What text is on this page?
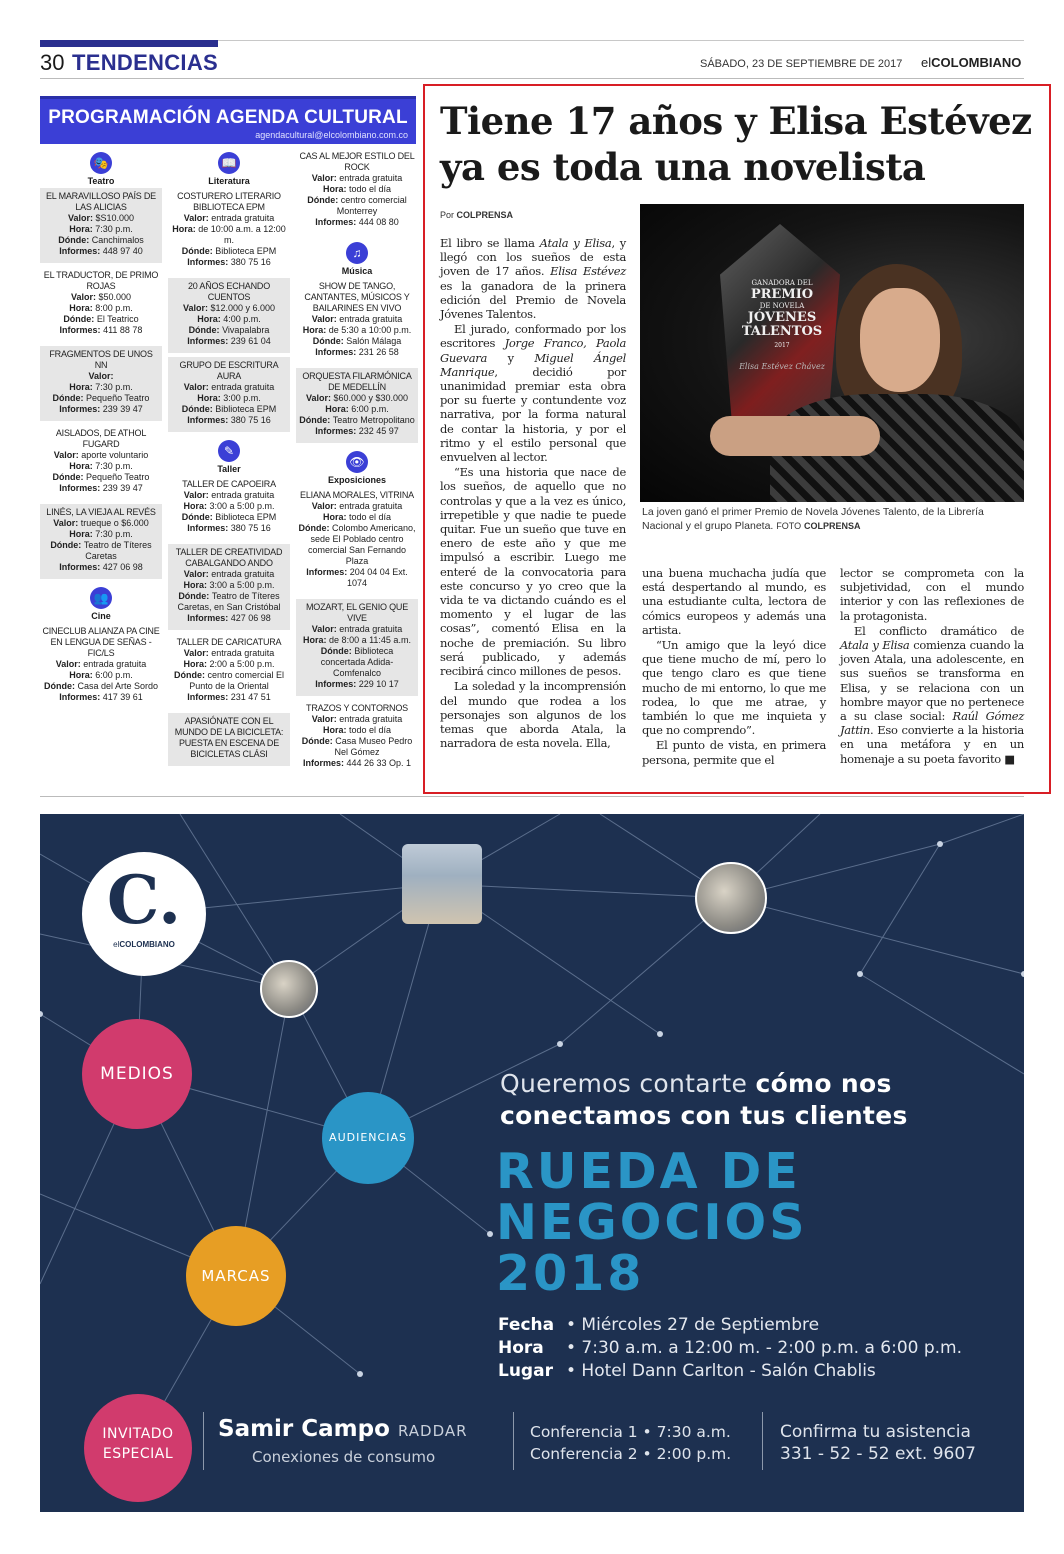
30 TENDENCIAS	SÁBADO, 23 DE SEPTIEMBRE DE 2017 elCOLOMBIANO
PROGRAMACIÓN AGENDA CULTURAL
agendacultural@elcolombiano.com.co
🎭
Teatro
EL MARAVILLOSO PAÍS DE LAS ALICIAS
Valor: $S10.000
Hora: 7:30 p.m.
Dónde: Canchimalos
Informes: 448 97 40
EL TRADUCTOR, DE PRIMO ROJAS
Valor: $50.000
Hora: 8:00 p.m.
Dónde: El Teatrico
Informes: 411 88 78
FRAGMENTOS DE UNOS NN
Valor:
Hora: 7:30 p.m.
Dónde: Pequeño Teatro
Informes: 239 39 47
AISLADOS, DE ATHOL FUGARD
Valor: aporte voluntario
Hora: 7:30 p.m.
Dónde: Pequeño Teatro
Informes: 239 39 47
LINÉS, LA VIEJA AL REVÉS
Valor: trueque o $6.000
Hora: 7:30 p.m.
Dónde: Teatro de Títeres Caretas
Informes: 427 06 98
👥
Cine
CINECLUB ALIANZA PA CINE EN LENGUA DE SEÑAS -FIC/LS
Valor: entrada gratuita
Hora: 6:00 p.m.
Dónde: Casa del Arte Sordo
Informes: 417 39 61
📖
Literatura
COSTURERO LITERARIO BIBLIOTECA EPM
Valor: entrada gratuita
Hora: de 10:00 a.m. a 12:00 m.
Dónde: Biblioteca EPM
Informes: 380 75 16
20 AÑOS ECHANDO CUENTOS
Valor: $12.000 y 6.000
Hora: 4:00 p.m.
Dónde: Vivapalabra
Informes: 239 61 04
GRUPO DE ESCRITURA AURA
Valor: entrada gratuita
Hora: 3:00 p.m.
Dónde: Biblioteca EPM
Informes: 380 75 16
✎
Taller
TALLER DE CAPOEIRA
Valor: entrada gratuita
Hora: 3:00 a 5:00 p.m.
Dónde: Biblioteca EPM
Informes: 380 75 16
TALLER DE CREATIVIDAD CABALGANDO ANDO
Valor: entrada gratuita
Hora: 3:00 a 5:00 p.m.
Dónde: Teatro de Títeres Caretas, en San Cristóbal
Informes: 427 06 98
TALLER DE CARICATURA
Valor: entrada gratuita
Hora: 2:00 a 5:00 p.m.
Dónde: centro comercial El Punto de la Oriental
Informes: 231 47 51
APASIÓNATE CON EL MUNDO DE LA BICICLETA: PUESTA EN ESCENA DE BICICLETAS CLÁSI
CAS AL MEJOR ESTILO DEL ROCK
Valor: entrada gratuita
Hora: todo el día
Dónde: centro comercial Monterrey
Informes: 444 08 80
♫
Música
SHOW DE TANGO, CANTANTES, MÚSICOS Y BAILARINES EN VIVO
Valor: entrada gratuita
Hora: de 5:30 a 10:00 p.m.
Dónde: Salón Málaga
Informes: 231 26 58
ORQUESTA FILARMÓNICA DE MEDELLÍN
Valor: $60.000 y $30.000
Hora: 6:00 p.m.
Dónde: Teatro Metropolitano
Informes: 232 45 97
👁
Exposiciones
ELIANA MORALES, VITRINA
Valor: entrada gratuita
Hora: todo el día
Dónde: Colombo Americano, sede El Poblado centro comercial San Fernando Plaza
Informes: 204 04 04 Ext. 1074
MOZART, EL GENIO QUE VIVE
Valor: entrada gratuita
Hora: de 8:00 a 11:45 a.m.
Dónde: Biblioteca concertada Adida-Comfenalco
Informes: 229 10 17
TRAZOS Y CONTORNOS
Valor: entrada gratuita
Hora: todo el día
Dónde: Casa Museo Pedro Nel Gómez
Informes: 444 26 33 Op. 1
Tiene 17 años y Elisa Estévez ya es toda una novelista
Por COLPRENSA

El libro se llama Atala y Elisa, y llegó con los sueños de esta joven de 17 años. Elisa Estévez es la ganadora de la prinera edición del Premio de Novela Jóvenes Talentos.

El jurado, conformado por los escritores Jorge Franco, Paola Guevara y Miguel Ángel Manrique, decidió por unanimidad premiar esta obra por su fuerte y contundente voz narrativa, por la forma natural de contar la historia, y por el ritmo y el estilo personal que envuelven al lector.

“Es una historia que nace de los sueños, de aquello que no controlas y que a la vez es único, irrepetible y que nadie te puede quitar. Fue un sueño que tuve en enero de este año y que me impulsó a escribir. Luego me enteré de la convocatoria para este concurso y yo creo que la vida te va dictando cuándo es el momento y el lugar de las cosas”, comentó Elisa en la noche de premiación. Su libro será publicado, y además recibirá cinco millones de pesos.

La soledad y la incomprensión del mundo que rodea a los personajes son algunos de los temas que aborda Atala, la narradora de esta novela. Ella,

GANADORA DEL
PREMIO
DE NOVELA
JÓVENES
TALENTOS
2017
Elisa Estévez Chávez
La joven ganó el primer Premio de Novela Jóvenes Talento, de la Librería Nacional y el grupo Planeta. FOTO COLPRENSA

una buena muchacha judía que está despertando al mundo, es una estudiante culta, lectora de cómics europeos y además una artista.

“Un amigo que la leyó dice que tiene mucho de mí, pero lo que tengo claro es que tiene mucho de mi entorno, lo que me rodea, lo que me atrae, y también lo que me inquieta y que no comprendo”.

El punto de vista, en primera persona, permite que el

lector se comprometa con la subjetividad, con el mundo interior y con las reflexiones de la protagonista.

El conflicto dramático de Atala y Elisa comienza cuando la joven Atala, una adolescente, en sus sueños se transforma en Elisa, y se relaciona con un hombre mayor que no pertenece a su clase social: Raúl Gómez Jattin. Eso convierte a la historia en una metáfora y en un homenaje a su poeta favorito ■

C.
elCOLOMBIANO
MEDIOS
AUDIENCIAS
MARCAS
INVITADO
ESPECIAL
Queremos contarte cómo nos
conectamos con tus clientes
RUEDA DE
NEGOCIOS
2018
Fecha • Miércoles 27 de Septiembre
Hora	• 7:30 a.m. a 12:00 m. - 2:00 p.m. a 6:00 p.m.
Lugar • Hotel Dann Carlton - Salón Chablis
Samir Campo RADDAR
Conexiones de consumo
Conferencia 1 • 7:30 a.m.
Conferencia 2 • 2:00 p.m.
Confirma tu asistencia
331 - 52 - 52 ext. 9607
